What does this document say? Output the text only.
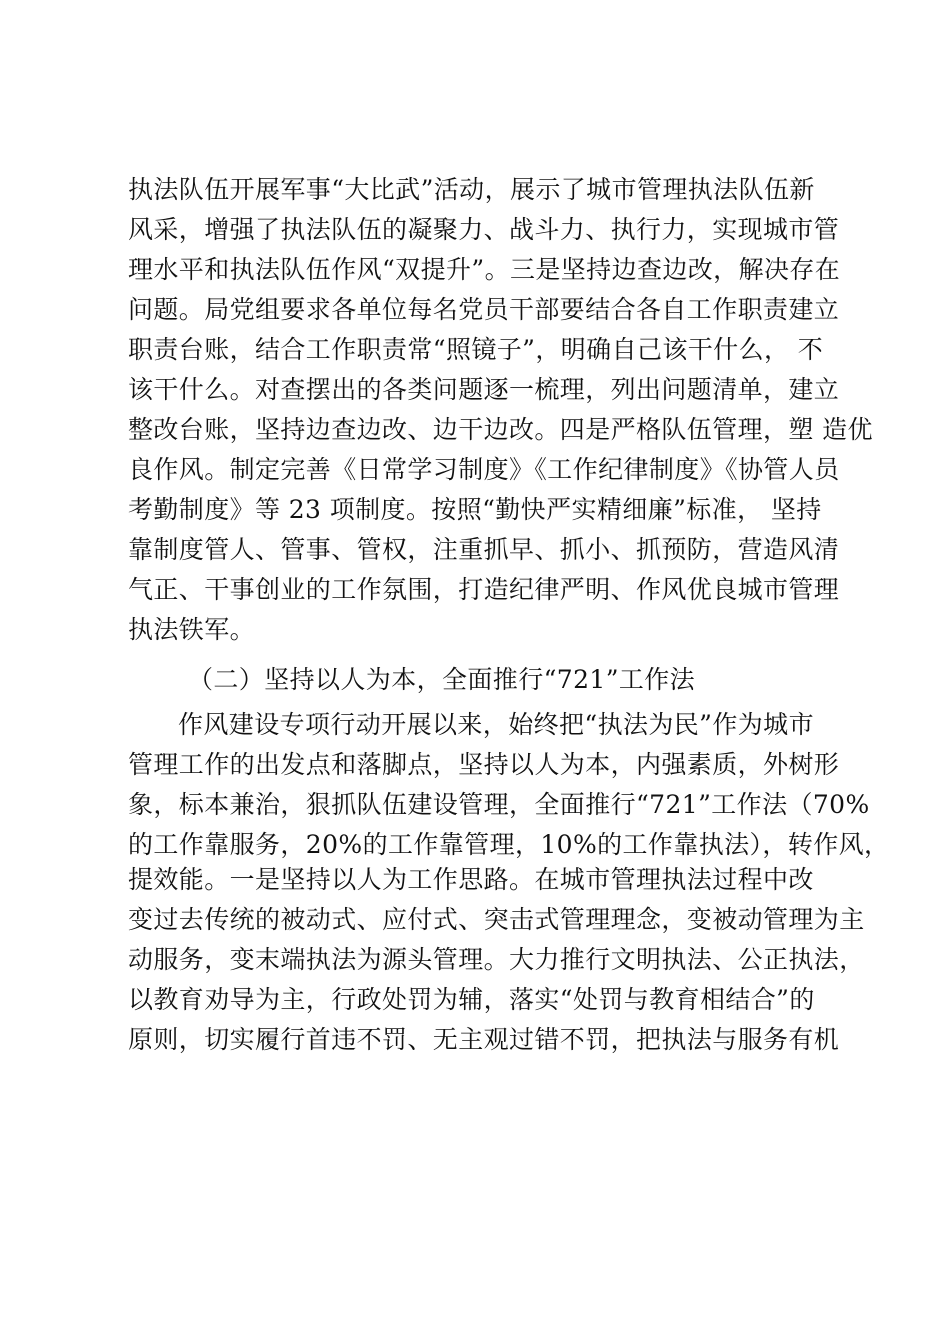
执法队伍开展军事“大比武”活动，展示了城市管理执法队伍新
风采，增强了执法队伍的凝聚力、战斗力、执行力，实现城市管
理水平和执法队伍作风“双提升”。三是坚持边查边改，解决存在
问题。局党组要求各单位每名党员干部要结合各自工作职责建立
职责台账，结合工作职责常“照镜子”，明确自己该干什么， 不
该干什么。对查摆出的各类问题逐一梳理，列出问题清单，建立
整改台账，坚持边查边改、边干边改。四是严格队伍管理，塑 造优
良作风。制定完善《日常学习制度》《工作纪律制度》《协管人员
考勤制度》等 23 项制度。按照“勤快严实精细廉”标准， 坚持
靠制度管人、管事、管权，注重抓早、抓小、抓预防，营造风清
气正、干事创业的工作氛围，打造纪律严明、作风优良城市管理
执法铁军。
（二）坚持以人为本，全面推行“721”工作法
作风建设专项行动开展以来，始终把“执法为民”作为城市
管理工作的出发点和落脚点，坚持以人为本，内强素质，外树形
象，标本兼治，狠抓队伍建设管理，全面推行“721”工作法（70%
的工作靠服务，20%的工作靠管理，10%的工作靠执法），转作风，
提效能。一是坚持以人为工作思路。在城市管理执法过程中改
变过去传统的被动式、应付式、突击式管理理念，变被动管理为主
动服务，变末端执法为源头管理。大力推行文明执法、公正执法，
以教育劝导为主，行政处罚为辅，落实“处罚与教育相结合”的
原则，切实履行首违不罚、无主观过错不罚，把执法与服务有机
